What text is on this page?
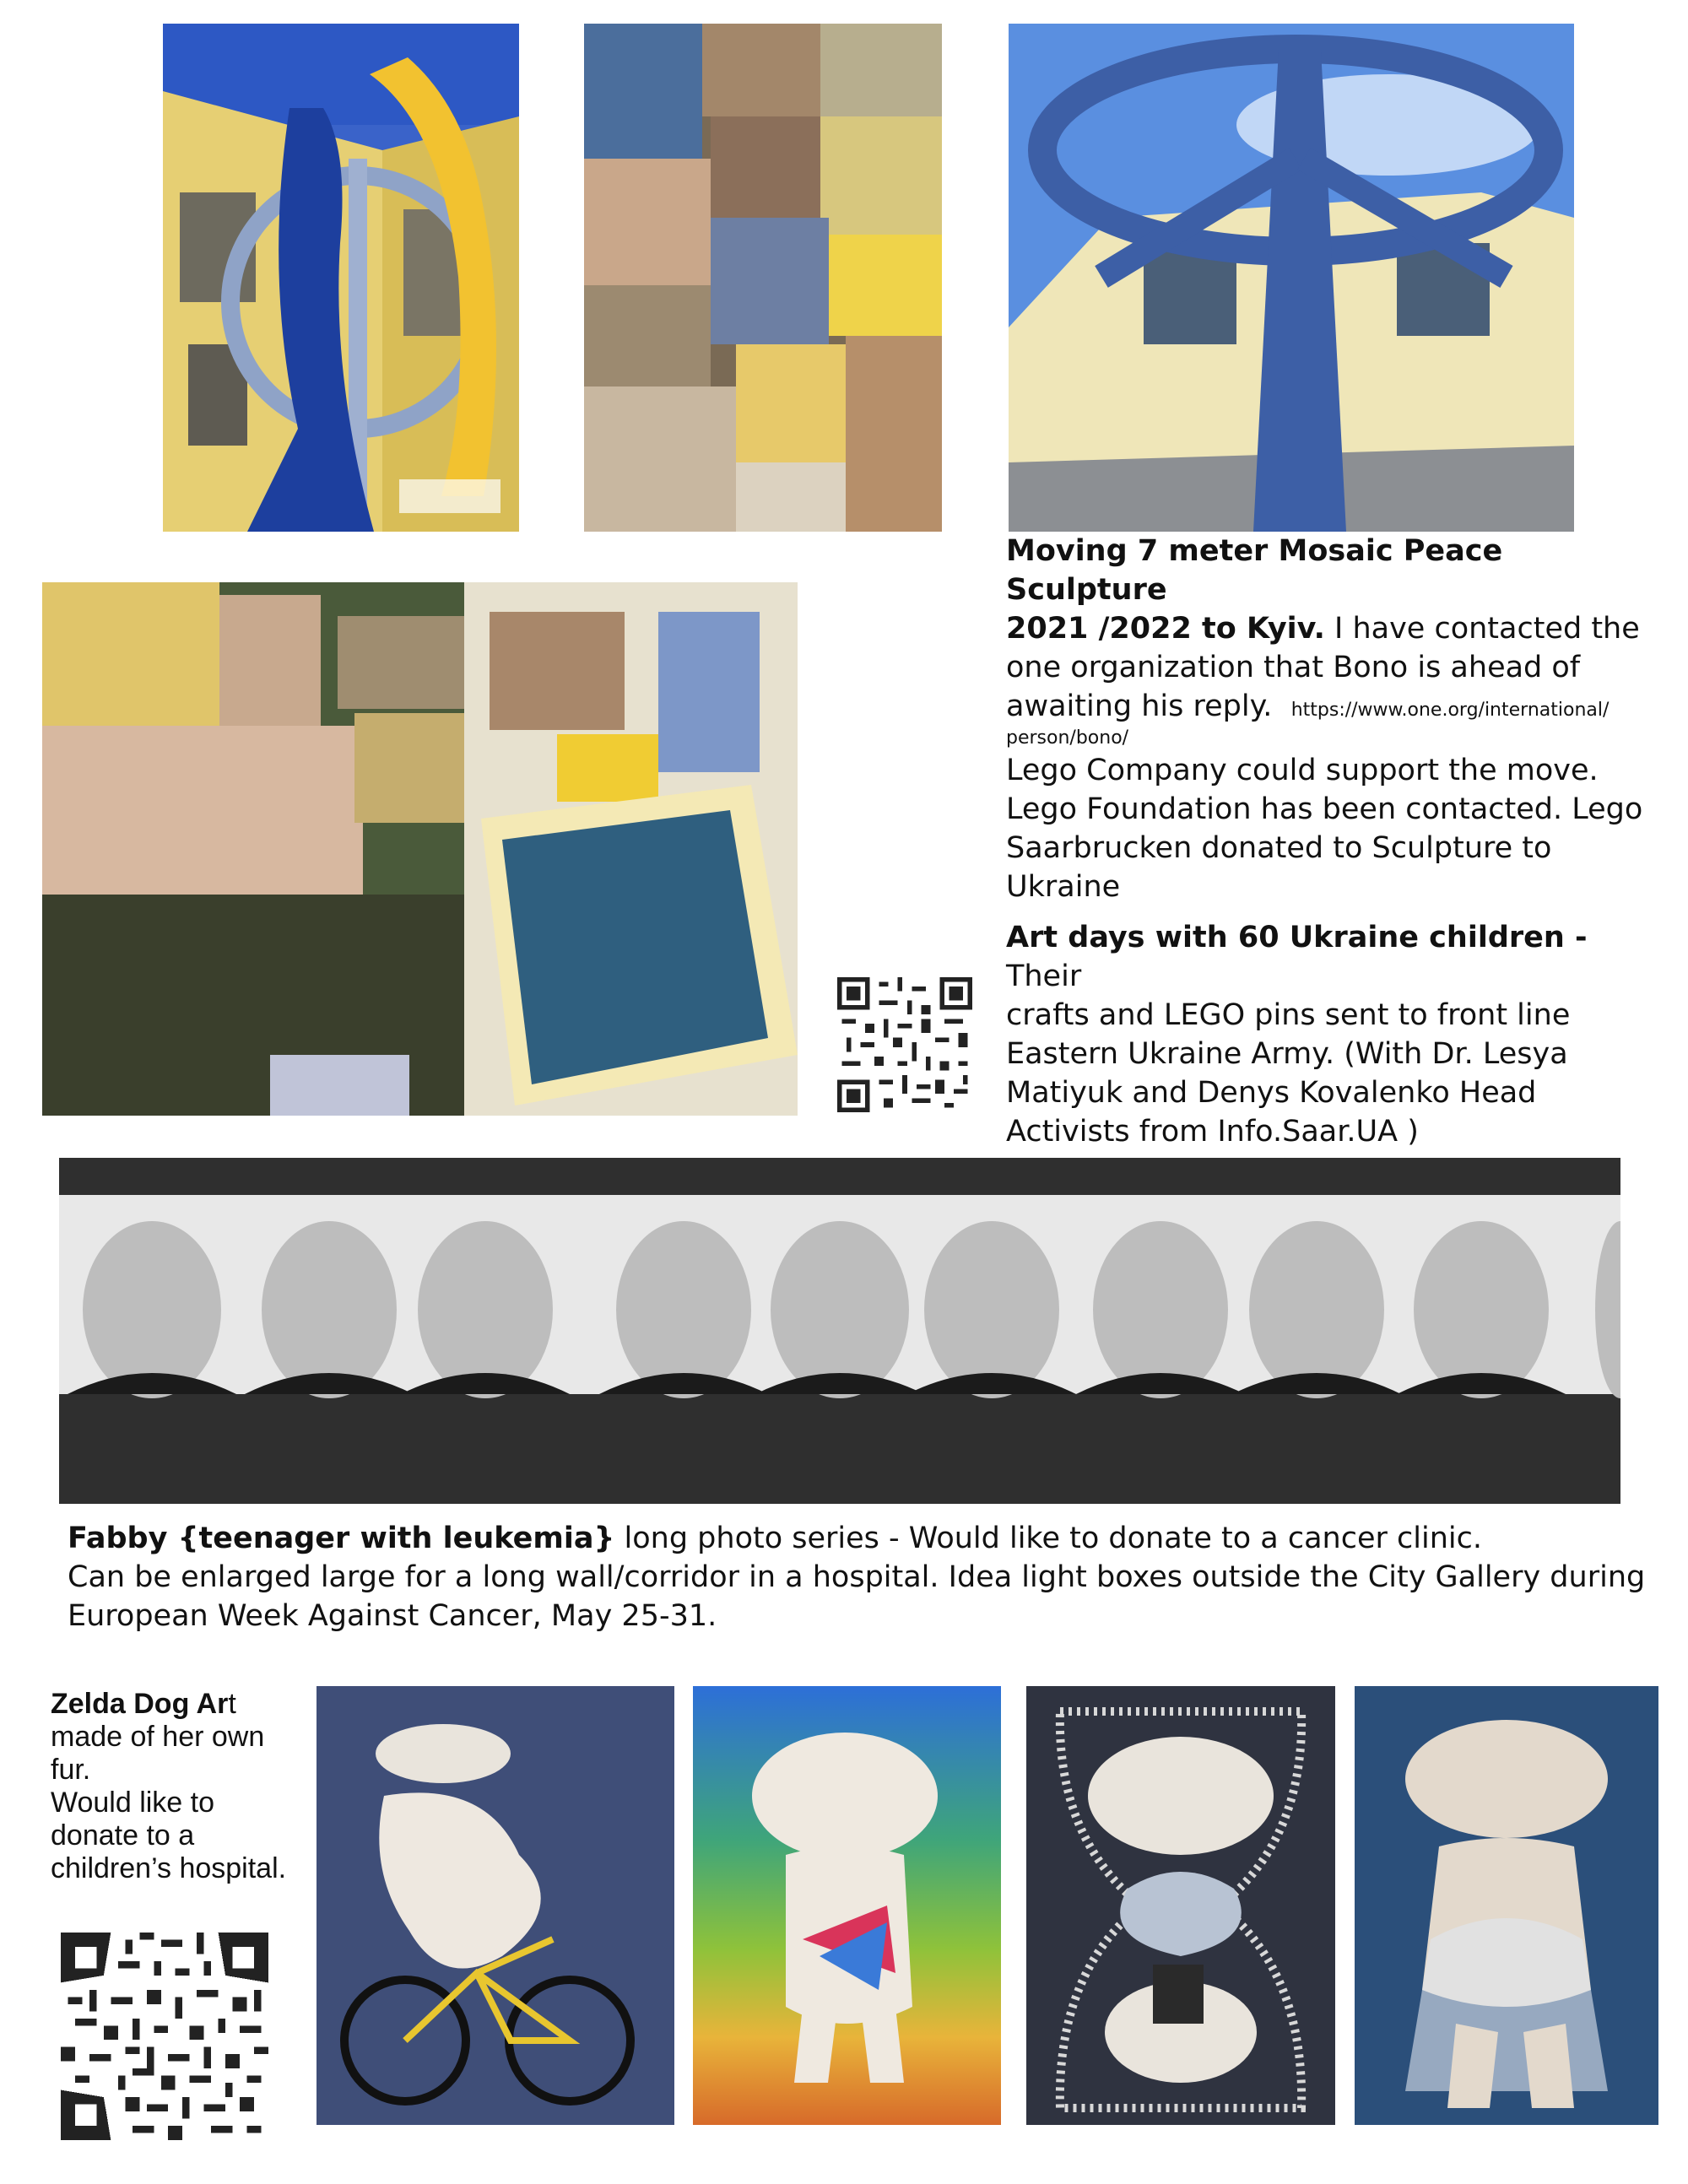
Moving 7 meter Mosaic Peace Sculpture
2021 /2022 to Kyiv. I have contacted the
one organization that Bono is ahead of
awaiting his reply. https://www.one.org/international/
person/bono/
Lego Company could support the move.
Lego Foundation has been contacted. Lego
Saarbrucken donated to Sculpture to
Ukraine
Art days with 60 Ukraine children - Their
crafts and LEGO pins sent to front line
Eastern Ukraine Army. (With Dr. Lesya
Matiyuk and Denys Kovalenko Head
Activists from Info.Saar.UA )
Fabby {teenager with leukemia} long photo series - Would like to donate to a cancer clinic.
Can be enlarged large for a long wall/corridor in a hospital. Idea light boxes outside the City Gallery during
European Week Against Cancer, May 25-31.
Zelda Dog Art
made of her own
fur.
Would like to
donate to a
children’s hospital.
